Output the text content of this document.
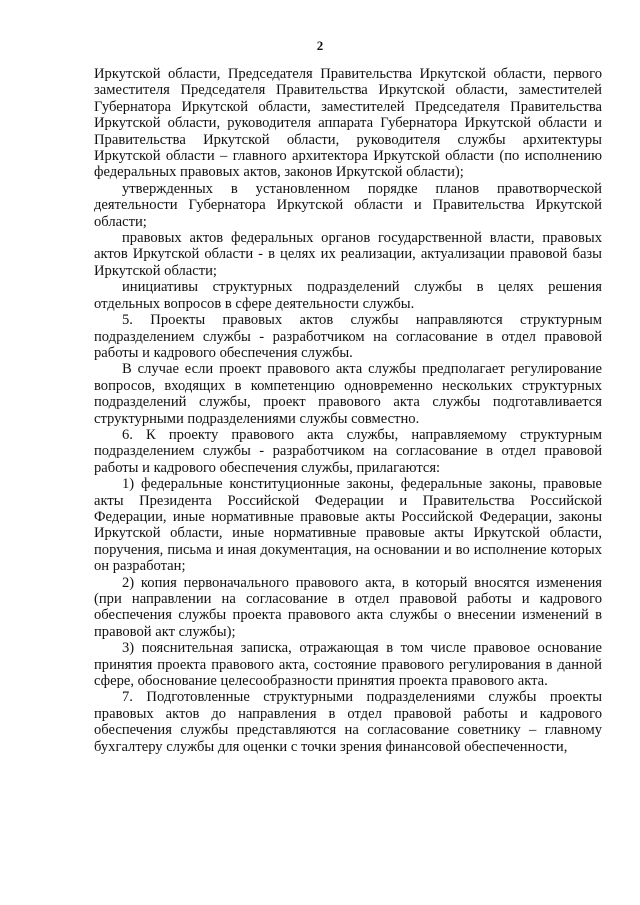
2

Иркутской области, Председателя Правительства Иркутской области, первого заместителя Председателя Правительства Иркутской области, заместителей Губернатора Иркутской области, заместителей Председателя Правительства Иркутской области, руководителя аппарата Губернатора Иркутской области и Правительства Иркутской области, руководителя службы архитектуры Иркутской области – главного архитектора Иркутской области (по исполнению федеральных правовых актов, законов Иркутской области);

утвержденных в установленном порядке планов правотворческой деятельности Губернатора Иркутской области и Правительства Иркутской области;

правовых актов федеральных органов государственной власти, правовых актов Иркутской области - в целях их реализации, актуализации правовой базы Иркутской области;

инициативы структурных подразделений службы в целях решения отдельных вопросов в сфере деятельности службы.

5. Проекты правовых актов службы направляются структурным подразделением службы - разработчиком на согласование в отдел правовой работы и кадрового обеспечения службы.

В случае если проект правового акта службы предполагает регулирование вопросов, входящих в компетенцию одновременно нескольких структурных подразделений службы, проект правового акта службы подготавливается структурными подразделениями службы совместно.

6. К проекту правового акта службы, направляемому структурным подразделением службы - разработчиком на согласование в отдел правовой работы и кадрового обеспечения службы, прилагаются:

1) федеральные конституционные законы, федеральные законы, правовые акты Президента Российской Федерации и Правительства Российской Федерации, иные нормативные правовые акты Российской Федерации, законы Иркутской области, иные нормативные правовые акты Иркутской области, поручения, письма и иная документация, на основании и во исполнение которых он разработан;

2) копия первоначального правового акта, в который вносятся изменения (при направлении на согласование в отдел правовой работы и кадрового обеспечения службы проекта правового акта службы о внесении изменений в правовой акт службы);

3) пояснительная записка, отражающая в том числе правовое основание принятия проекта правового акта, состояние правового регулирования в данной сфере, обоснование целесообразности принятия проекта правового акта.

7. Подготовленные структурными подразделениями службы проекты правовых актов до направления в отдел правовой работы и кадрового обеспечения службы представляются на согласование советнику – главному бухгалтеру службы для оценки с точки зрения финансовой обеспеченности,
